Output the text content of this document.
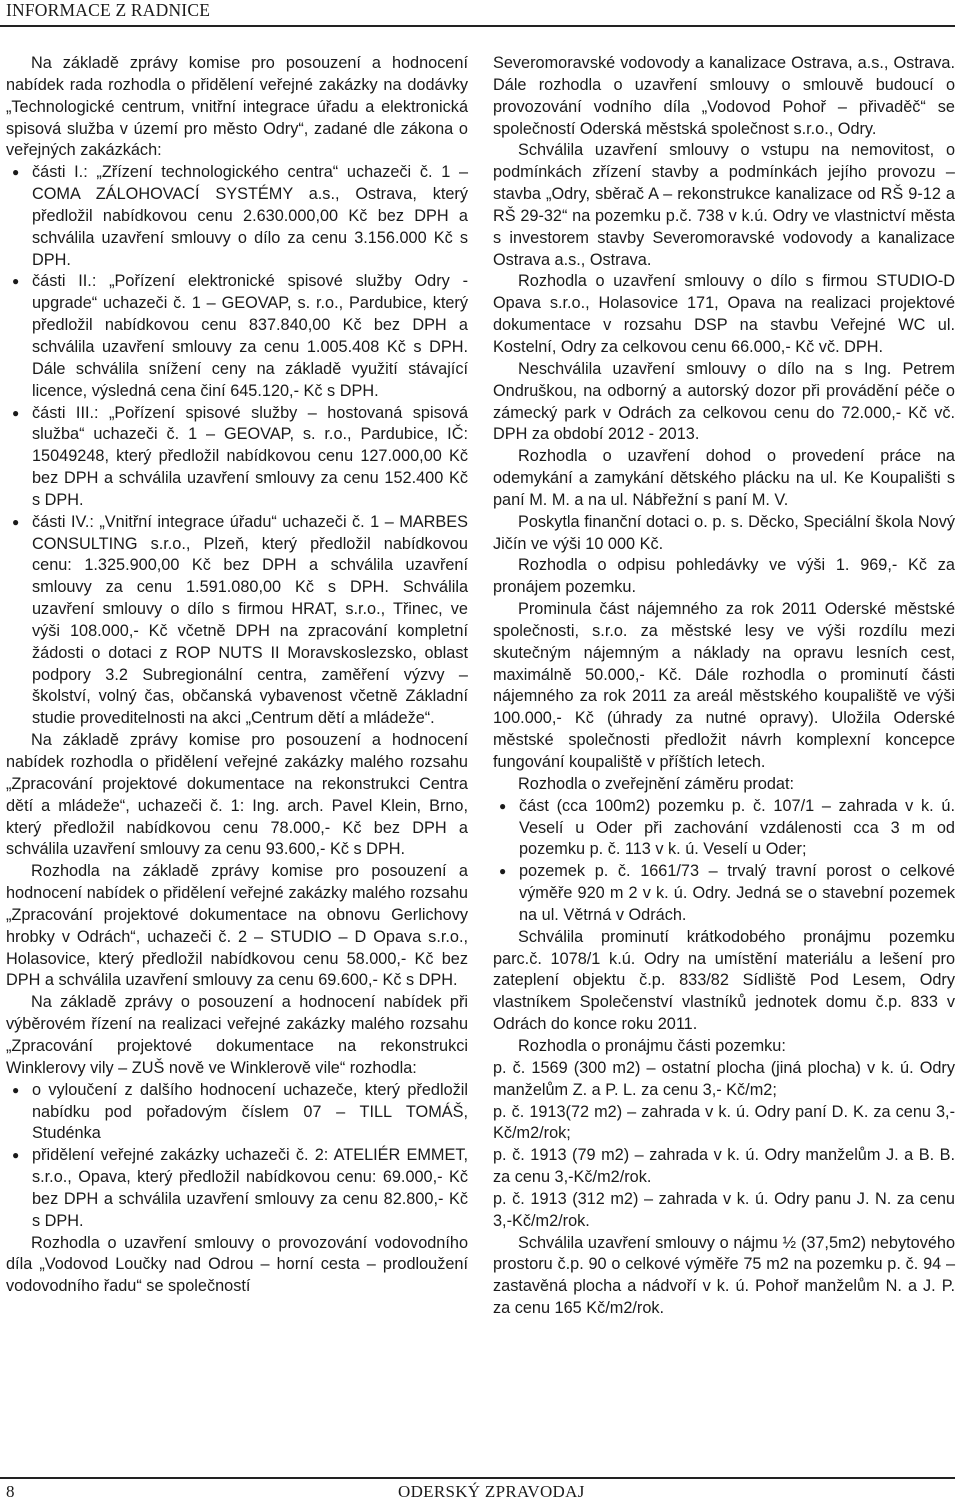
INFORMACE Z RADNICE

Na základě zprávy komise pro posouzení a hodnocení nabídek rada rozhodla o přidělení veřejné zakázky na dodávky „Technologické centrum, vnitřní integrace úřadu a elektronická spisová služba v území pro město Odry“, zadané dle zákona o veřejných zakázkách:

● části I.: „Zřízení technologického centra“ uchazeči č. 1 – COMA ZÁLOHOVACÍ SYSTÉMY a.s., Ostrava, který předložil nabídkovou cenu 2.630.000,00 Kč bez DPH a schválila uzavření smlouvy o dílo za cenu 3.156.000 Kč s DPH.
● části II.: „Pořízení elektronické spisové služby Odry - upgrade“ uchazeči č. 1 – GEOVAP, s. r.o., Pardubice, který předložil nabídkovou cenu 837.840,00 Kč bez DPH a schválila uzavření smlouvy za cenu 1.005.408 Kč s DPH. Dále schválila snížení ceny na základě využití stávající licence, výsledná cena činí 645.120,- Kč s DPH.
● části III.: „Pořízení spisové služby – hostovaná spisová služba“ uchazeči č. 1 – GEOVAP, s. r.o., Pardubice, IČ: 15049248, který předložil nabídkovou cenu 127.000,00 Kč bez DPH a schválila uzavření smlouvy za cenu 152.400 Kč s DPH.
● části IV.: „Vnitřní integrace úřadu“ uchazeči č. 1 – MARBES CONSULTING s.r.o., Plzeň, který předložil nabídkovou cenu: 1.325.900,00 Kč bez DPH a schválila uzavření smlouvy za cenu 1.591.080,00 Kč s DPH. Schválila uzavření smlouvy o dílo s firmou HRAT, s.r.o., Třinec, ve výši 108.000,- Kč včetně DPH na zpracování kompletní žádosti o dotaci z ROP NUTS II Moravskoslezsko, oblast podpory 3.2 Subregionální centra, zaměření výzvy – školství, volný čas, občanská vybavenost včetně Základní studie proveditelnosti na akci „Centrum dětí a mládeže“.

Na základě zprávy komise pro posouzení a hodnocení nabídek rozhodla o přidělení veřejné zakázky malého rozsahu „Zpracování projektové dokumentace na rekonstrukci Centra dětí a mládeže“, uchazeči č. 1: Ing. arch. Pavel Klein, Brno, který předložil nabídkovou cenu 78.000,- Kč bez DPH a schválila uzavření smlouvy za cenu 93.600,- Kč s DPH.

Rozhodla na základě zprávy komise pro posouzení a hodnocení nabídek o přidělení veřejné zakázky malého rozsahu „Zpracování projektové dokumentace na obnovu Gerlichovy hrobky v Odrách“, uchazeči č. 2 – STUDIO – D Opava s.r.o., Holasovice, který předložil nabídkovou cenu 58.000,- Kč bez DPH a schválila uzavření smlouvy za cenu 69.600,- Kč s DPH.

Na základě zprávy o posouzení a hodnocení nabídek při výběrovém řízení na realizaci veřejné zakázky malého rozsahu „Zpracování projektové dokumentace na rekonstrukci Winklerovy vily – ZUŠ nově ve Winklerově vile“ rozhodla:

● o vyloučení z dalšího hodnocení uchazeče, který předložil nabídku pod pořadovým číslem 07 – TILL TOMÁŠ, Studénka
● přidělení veřejné zakázky uchazeči č. 2: ATELIÉR EMMET, s.r.o., Opava, který předložil nabídkovou cenu: 69.000,- Kč bez DPH a schválila uzavření smlouvy za cenu 82.800,- Kč s DPH.

Rozhodla o uzavření smlouvy o provozování vodovodního díla „Vodovod Loučky nad Odrou – horní cesta – prodloužení vodovodního řadu“ se společností

Severomoravské vodovody a kanalizace Ostrava, a.s., Ostrava. Dále rozhodla o uzavření smlouvy o smlouvě budoucí o provozování vodního díla „Vodovod Pohoř – přivaděč“ se společností Oderská městská společnost s.r.o., Odry.

Schválila uzavření smlouvy o vstupu na nemovitost, o podmínkách zřízení stavby a podmínkách jejího provozu – stavba „Odry, sběrač A – rekonstrukce kanalizace od RŠ 9-12 a RŠ 29-32“ na pozemku p.č. 738 v k.ú. Odry ve vlastnictví města s investorem stavby Severomoravské vodovody a kanalizace Ostrava a.s., Ostrava.

Rozhodla o uzavření smlouvy o dílo s firmou STUDIO-D Opava s.r.o., Holasovice 171, Opava na realizaci projektové dokumentace v rozsahu DSP na stavbu Veřejné WC ul. Kostelní, Odry za celkovou cenu 66.000,- Kč vč. DPH.

Neschválila uzavření smlouvy o dílo na s Ing. Petrem Ondruškou, na odborný a autorský dozor při provádění péče o zámecký park v Odrách za celkovou cenu do 72.000,- Kč vč. DPH za období 2012 - 2013.

Rozhodla o uzavření dohod o provedení práce na odemykání a zamykání dětského plácku na ul. Ke Koupališti s paní M. M. a na ul. Nábřežní s paní M. V.

Poskytla finanční dotaci o. p. s. Děcko, Speciální škola Nový Jičín ve výši 10 000 Kč.

Rozhodla o odpisu pohledávky ve výši 1. 969,- Kč za pronájem pozemku.

Prominula část nájemného za rok 2011 Oderské městské společnosti, s.r.o. za městské lesy ve výši rozdílu mezi skutečným nájemným a náklady na opravu lesních cest, maximálně 50.000,- Kč. Dále rozhodla o prominutí části nájemného za rok 2011 za areál městského koupaliště ve výši 100.000,- Kč (úhrady za nutné opravy). Uložila Oderské městské společnosti předložit návrh komplexní koncepce fungování koupaliště v příštích letech.

Rozhodla o zveřejnění záměru prodat:

● část (cca 100m2) pozemku p. č. 107/1 – zahrada v k. ú. Veselí u Oder při zachování vzdálenosti cca 3 m od pozemku p. č. 113 v k. ú. Veselí u Oder;
● pozemek p. č. 1661/73 – trvalý travní porost o celkové výměře 920 m 2 v k. ú. Odry. Jedná se o stavební pozemek na ul. Větrná v Odrách.

Schválila prominutí krátkodobého pronájmu pozemku parc.č. 1078/1 k.ú. Odry na umístění materiálu a lešení pro zateplení objektu č.p. 833/82 Sídliště Pod Lesem, Odry vlastníkem Společenství vlastníků jednotek domu č.p. 833 v Odrách do konce roku 2011.

Rozhodla o pronájmu části pozemku:

p. č. 1569 (300 m2) – ostatní plocha (jiná plocha) v k. ú. Odry manželům Z. a P. L. za cenu 3,- Kč/m2;

p. č. 1913(72 m2) – zahrada v k. ú. Odry paní D. K. za cenu 3,-Kč/m2/rok;

p. č. 1913 (79 m2) – zahrada v k. ú. Odry manželům J. a B. B. za cenu 3,-Kč/m2/rok.

p. č. 1913 (312 m2) – zahrada v k. ú. Odry panu J. N. za cenu 3,-Kč/m2/rok.

Schválila uzavření smlouvy o nájmu ½ (37,5m2) nebytového prostoru č.p. 90 o celkové výměře 75 m2 na pozemku p. č. 94 – zastavěná plocha a nádvoří v k. ú. Pohoř manželům N. a J. P. za cenu 165 Kč/m2/rok.

8	ODERSKÝ ZPRAVODAJ
